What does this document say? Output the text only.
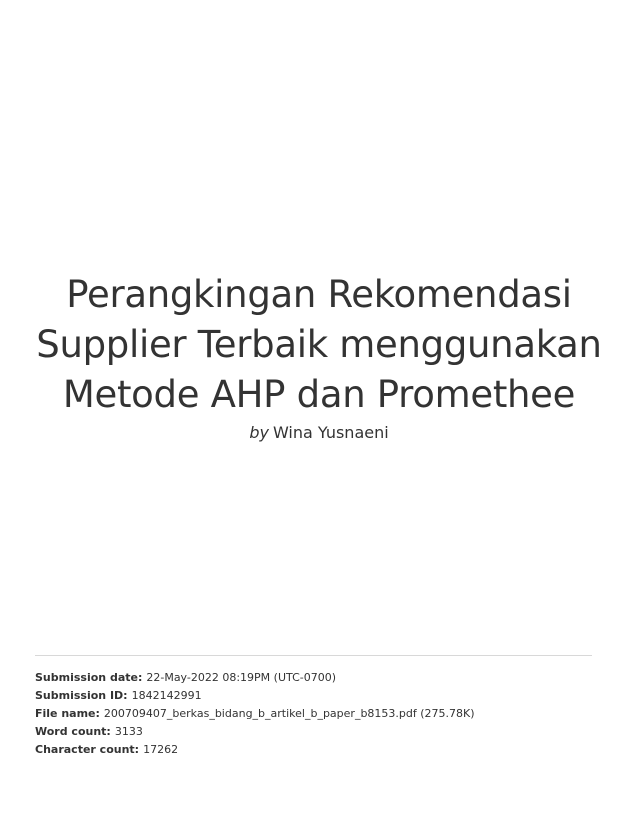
Perangkingan Rekomendasi Supplier Terbaik menggunakan Metode AHP dan Promethee
by Wina Yusnaeni
Submission date: 22-May-2022 08:19PM (UTC-0700)
Submission ID: 1842142991
File name: 200709407_berkas_bidang_b_artikel_b_paper_b8153.pdf (275.78K)
Word count: 3133
Character count: 17262
